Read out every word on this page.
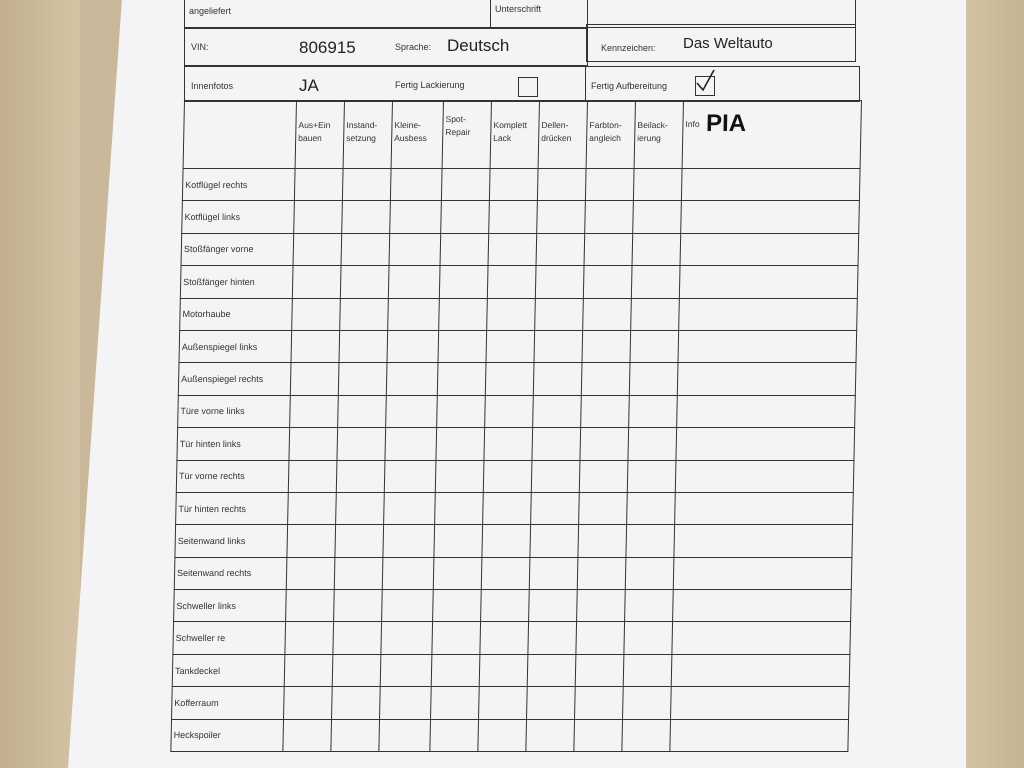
angeliefert	Unterschrift
VIN:	806915	Sprache: Deutsch	Kennzeichen: Das Weltauto
Innenfotos	JA	Fertig Lackierung	Fertig Aufbereitung
	Aus+Ein bauen	Instand-setzung	Kleine-Ausbess	Spot-Repair	Komplett Lack	Dellen-drücken	Farbton-angleich	Beilack-ierung	Info PIA
Kotflügel rechts									
Kotflügel links									
Stoßfänger vorne									
Stoßfänger hinten									
Motorhaube									
Außenspiegel links									
Außenspiegel rechts									
Türe vorne links									
Tür hinten links									
Tür vorne rechts									
Tür hinten rechts									
Seitenwand links									
Seitenwand rechts									
Schweller links									
Schweller re									
Tankdeckel									
Kofferraum									
Heckspoiler									
